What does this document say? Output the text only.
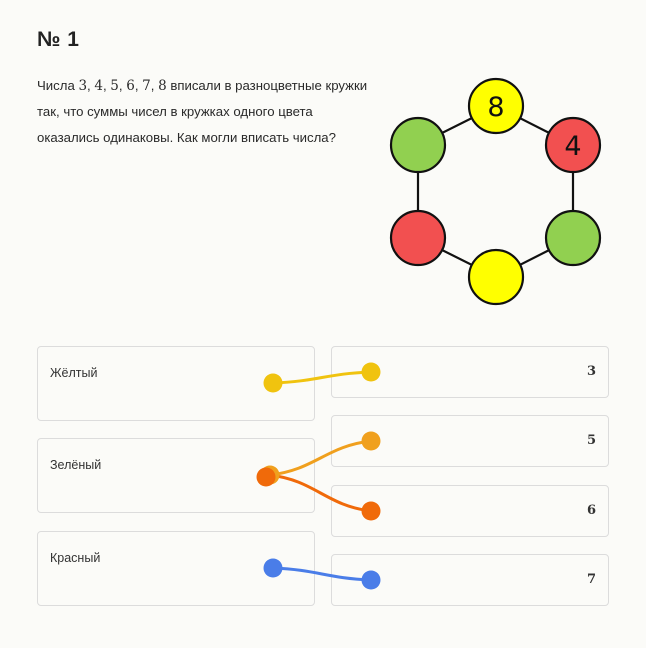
№ 1
Числа 3, 4, 5, 6, 7, 8 вписали в разноцветные кружки так, что суммы чисел в кружках одного цвета оказались одинаковы. Как могли вписать числа?
8
4
Жёлтый
Зелёный
Красный
3
5
6
7
